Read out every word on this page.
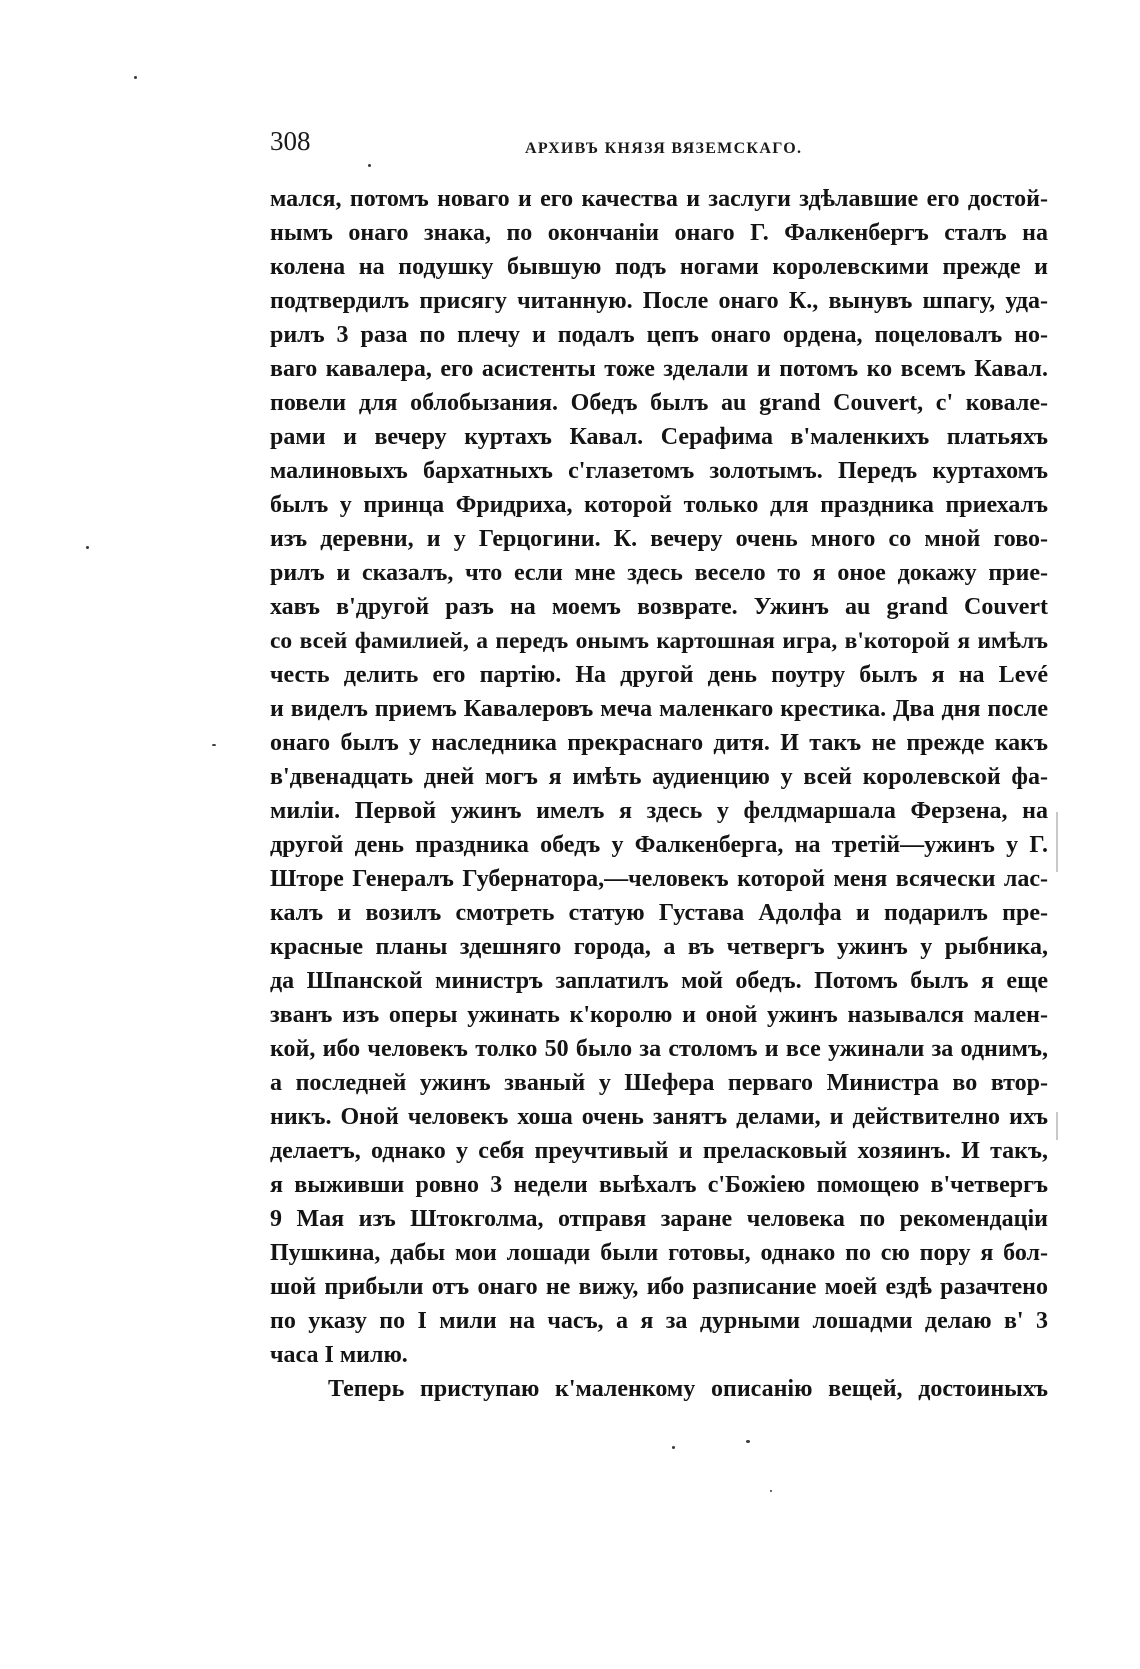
308	АРХИВЪ КНЯЗЯ ВЯЗЕМСКАГО.
мался, потомъ новаго и его качества и заслуги здѣлавшие его достой-
нымъ онаго знака, по окончаніи онаго Г. Фалкенбергъ сталъ на
колена на подушку бывшую подъ ногами королевскими прежде и
подтвердилъ присягу читанную. После онаго К., вынувъ шпагу, уда-
рилъ 3 раза по плечу и подалъ цепъ онаго ордена, поцеловалъ но-
ваго кавалера, его асистенты тоже зделали и потомъ ко всемъ Кавал.
повели для облобызания. Обедъ былъ au grand Couvert, с' ковале-
рами и вечеру куртахъ Кавал. Серафима в'маленкихъ платьяхъ
малиновыхъ бархатныхъ с'глазетомъ золотымъ. Передъ куртахомъ
былъ у принца Фридриха, которой только для праздника приехалъ
изъ деревни, и у Герцогини. К. вечеру очень много со мной гово-
рилъ и сказалъ, что если мне здесь весело то я оное докажу прие-
хавъ в'другой разъ на моемъ возврате. Ужинъ au grand Couvert
со всей фамилией, а передъ онымъ картошная игра, в'которой я имѣлъ
честь делить его партію. На другой день поутру былъ я на Levé
и виделъ приемъ Кавалеровъ меча маленкаго крестика. Два дня после
онаго былъ у наследника прекраснаго дитя. И такъ не прежде какъ
в'двенадцать дней могъ я имѣть аудиенцию у всей королевской фа-
милiи. Первой ужинъ имелъ я здесь у фелдмаршала Ферзена, на
другой день праздника обедъ у Фалкенберга, на третій—ужинъ у Г.
Шторе Генералъ Губернатора,—человекъ которой меня всячески лас-
калъ и возилъ смотреть статую Густава Адолфа и подарилъ пре-
красные планы здешняго города, а въ четвергъ ужинъ у рыбника,
да Шпанской министръ заплатилъ мой обедъ. Потомъ былъ я еще
званъ изъ оперы ужинать к'королю и оной ужинъ назывался мален-
кой, ибо человекъ толко 50 было за столомъ и все ужинали за однимъ,
а последней ужинъ званый у Шефера перваго Министра во втор-
никъ. Оной человекъ хоша очень занятъ делами, и действително ихъ
делаетъ, однако у себя преучтивый и преласковый хозяинъ. И такъ,
я выживши ровно 3 недели выѣхалъ с'Божіею помощею в'четвергъ
9 Мая изъ Штокголма, отправя заране человека по рекомендаціи
Пушкина, дабы мои лошади были готовы, однако по сю пору я бол-
шой прибыли отъ онаго не вижу, ибо разписание моей ездѣ разачтено
по указу по I мили на часъ, а я за дурными лошадми делаю в' 3
часа I милю.
Теперь приступаю к'маленкому описанію вещей, достоиныхъ
